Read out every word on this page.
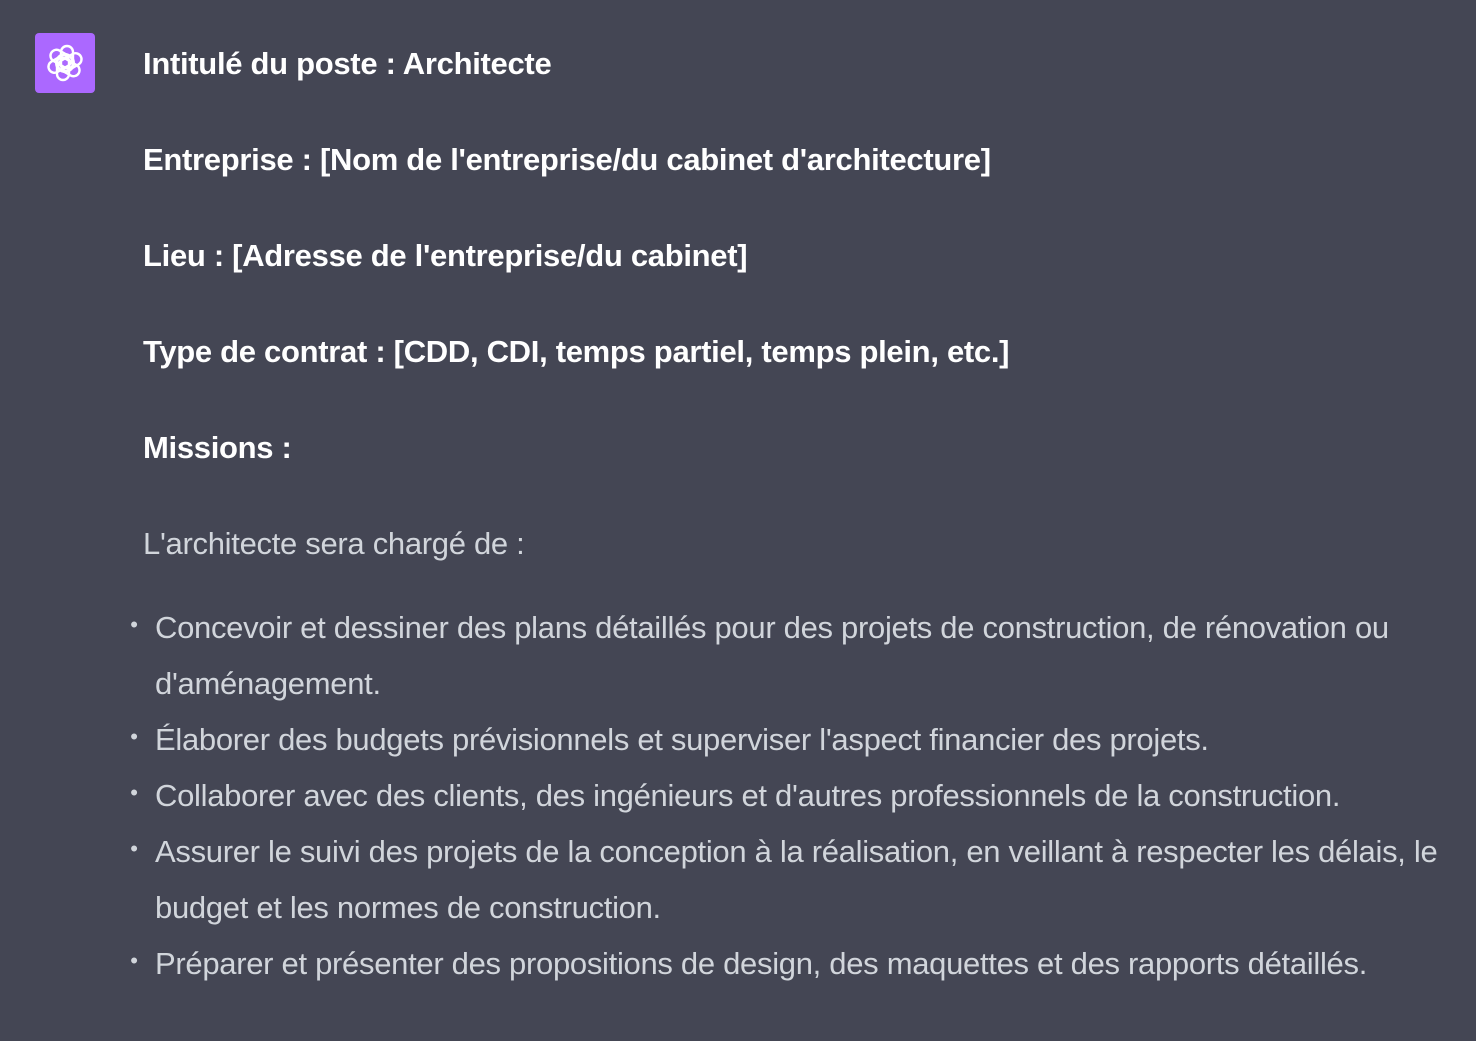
Intitulé du poste : Architecte

Entreprise : [Nom de l'entreprise/du cabinet d'architecture]

Lieu : [Adresse de l'entreprise/du cabinet]

Type de contrat : [CDD, CDI, temps partiel, temps plein, etc.]

Missions :

L'architecte sera chargé de :

• Concevoir et dessiner des plans détaillés pour des projets de construction, de rénovation ou d'aménagement.
• Élaborer des budgets prévisionnels et superviser l'aspect financier des projets.
• Collaborer avec des clients, des ingénieurs et d'autres professionnels de la construction.
• Assurer le suivi des projets de la conception à la réalisation, en veillant à respecter les délais, le budget et les normes de construction.
• Préparer et présenter des propositions de design, des maquettes et des rapports détaillés.
